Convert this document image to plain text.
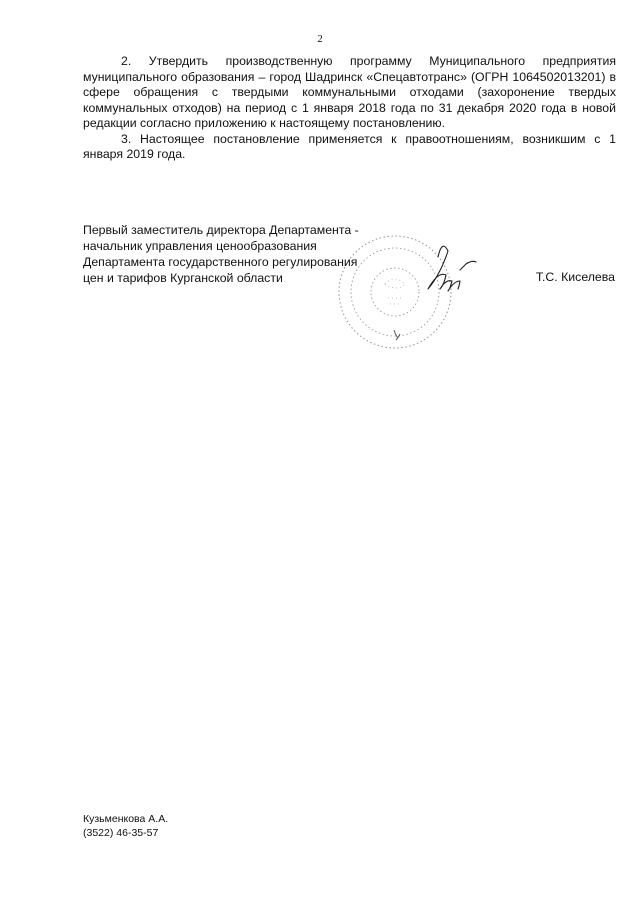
2

2. Утвердить производственную программу Муниципального предприятия муниципального образования – город Шадринск «Спецавтотранс» (ОГРН 1064502013201) в сфере обращения с твердыми коммунальными отходами (захоронение твердых коммунальных отходов) на период с 1 января 2018 года по 31 декабря 2020 года в новой редакции согласно приложению к настоящему постановлению.

3. Настоящее постановление применяется к правоотношениям, возникшим с 1 января 2019 года.

Первый заместитель директора Департамента -
начальник управления ценообразования
Департамента государственного регулирования
цен и тарифов Курганской области	Т.С. Киселева
Кузьменкова А.А.
(3522) 46-35-57
